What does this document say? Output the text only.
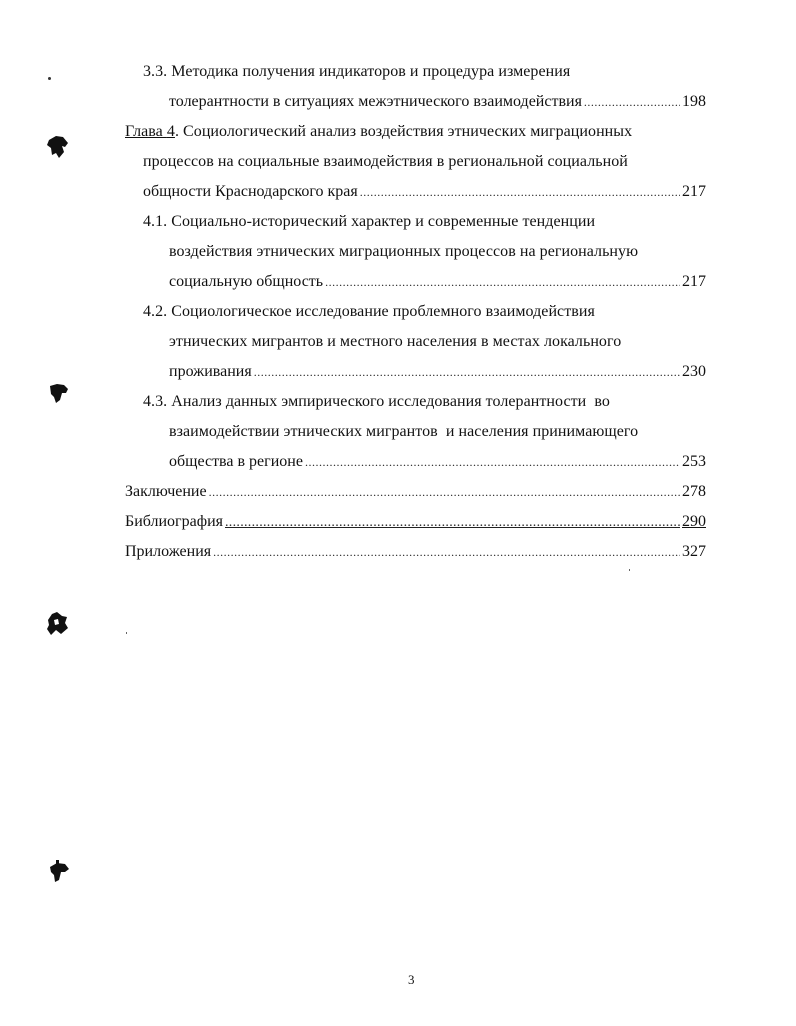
3.3. Методика получения индикаторов и процедура измерения
толерантности в ситуациях межэтнического взаимодействия .....	198
Глава 4. Социологический анализ воздействия этнических миграционных
процессов на социальные взаимодействия в региональной социальной
общности Краснодарского края .....	217
4.1. Социально-исторический характер и современные тенденции
воздействия этнических миграционных процессов на региональную
социальную общность .....	217
4.2. Социологическое исследование проблемного взаимодействия
этнических мигрантов и местного населения в местах локального
проживания .....	230
4.3. Анализ данных эмпирического исследования толерантности  во
взаимодействии этнических мигрантов  и населения принимающего
общества в регионе .....	253
Заключение .....	278
Библиография .....	290
Приложения .....	327
3
